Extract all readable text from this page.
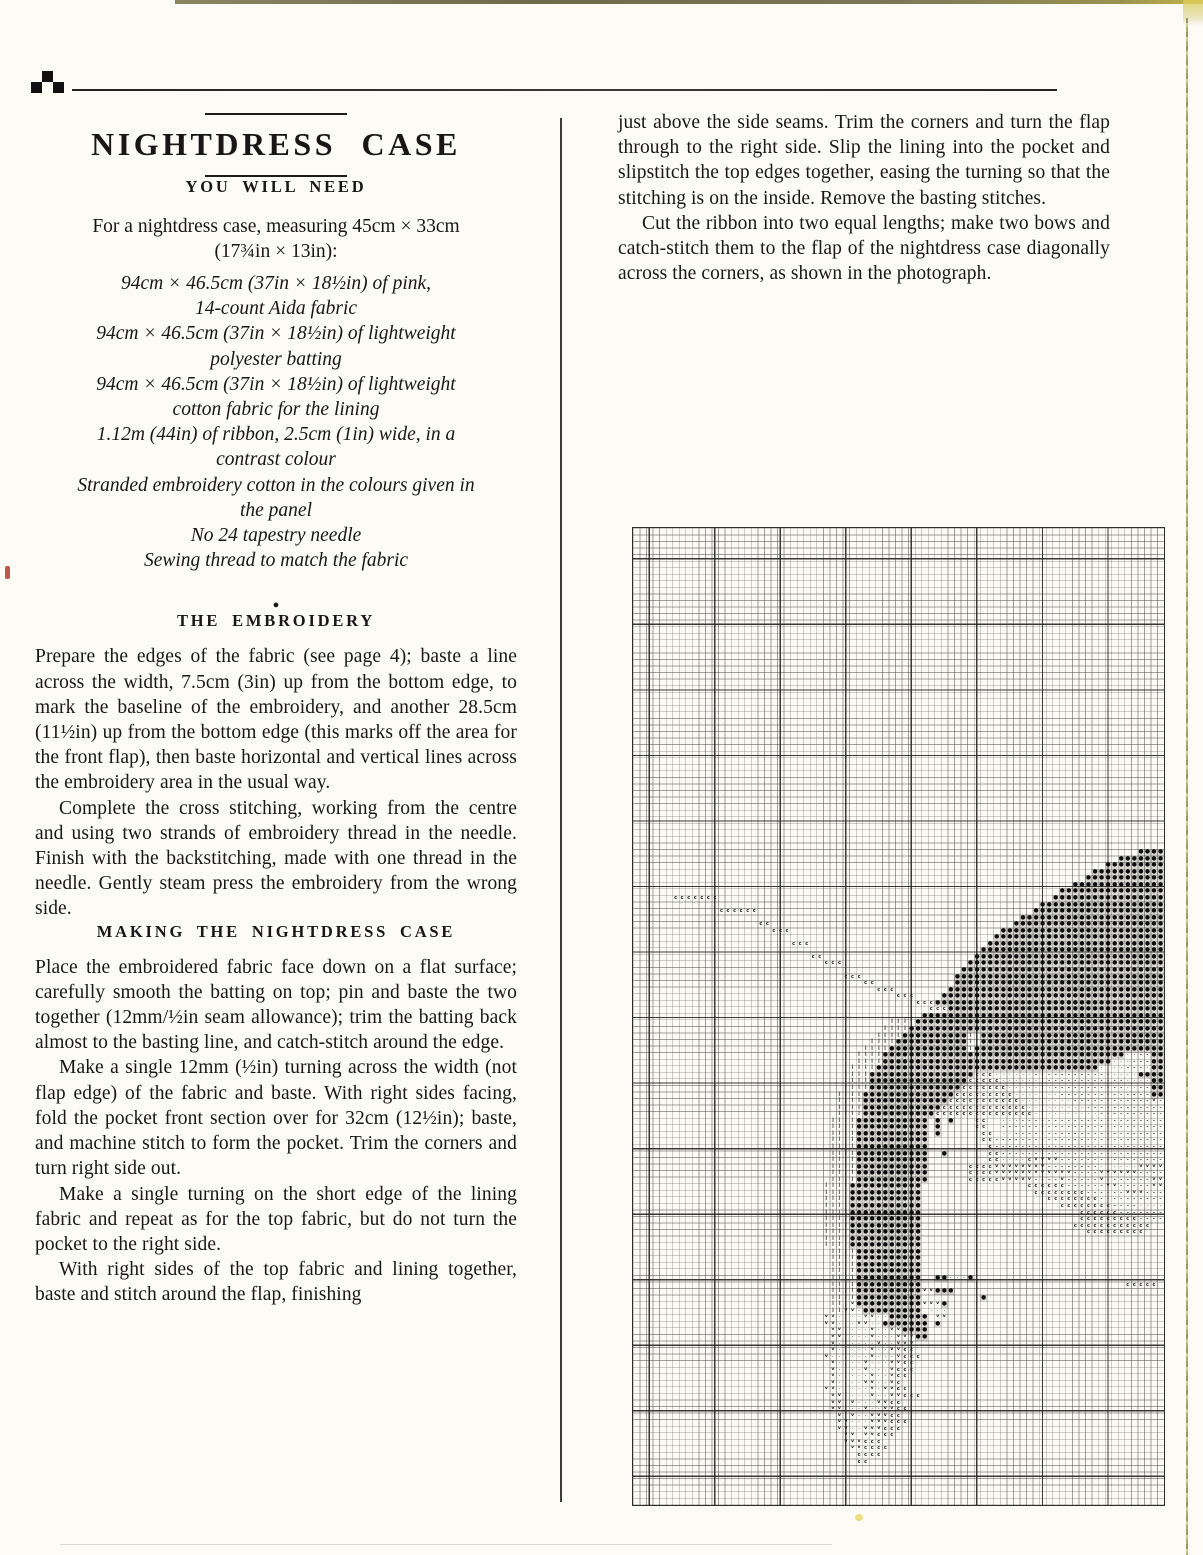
NIGHTDRESS CASE
YOU WILL NEED

For a nightdress case, measuring 45cm × 33cm
(17¾in × 13in):

94cm × 46.5cm (37in × 18½in) of pink,
14-count Aida fabric
94cm × 46.5cm (37in × 18½in) of lightweight
polyester batting
94cm × 46.5cm (37in × 18½in) of lightweight
cotton fabric for the lining
1.12m (44in) of ribbon, 2.5cm (1in) wide, in a
contrast colour
Stranded embroidery cotton in the colours given in
the panel
No 24 tapestry needle
Sewing thread to match the fabric
●
THE EMBROIDERY

Prepare the edges of the fabric (see page 4); baste a line across the width, 7.5cm (3in) up from the bottom edge, to mark the baseline of the embroidery, and another 28.5cm (11½in) up from the bottom edge (this marks off the area for the front flap), then baste horizontal and vertical lines across the embroidery area in the usual way.

Complete the cross stitching, working from the centre and using two strands of embroidery thread in the needle. Finish with the backstitching, made with one thread in the needle. Gently steam press the embroidery from the wrong side.

MAKING THE NIGHTDRESS CASE

Place the embroidered fabric face down on a flat surface; carefully smooth the batting on top; pin and baste the two together (12mm/½in seam allowance); trim the batting back almost to the basting line, and catch-stitch around the edge.

Make a single 12mm (½in) turning across the width (not flap edge) of the fabric and baste. With right sides facing, fold the pocket front section over for 32cm (12½in); baste, and machine stitch to form the pocket. Trim the corners and turn right side out.

Make a single turning on the short edge of the lining fabric and repeat as for the top fabric, but do not turn the pocket to the right side.

With right sides of the top fabric and lining together, baste and stitch around the flap, finishing

just above the side seams. Trim the corners and turn the flap through to the right side. Slip the lining into the pocket and slipstitch the top edges together, easing the turning so that the stitching is on the inside. Remove the basting stitches.

Cut the ribbon into two equal lengths; make two bows and catch-stitch them to the flap of the nightdress case diagonally across the corners, as shown in the photograph.

● ● ● ●
● ● ● ● ● ● ●
● ● ● ● ● ● ● ● ●
● ● ● ● ● ● ● ● ● ● ●
● ● ● ● ● ● ● ● ● ● ● ●
● ● ● ● ● ● ● ● ● ● ● ● ● ●
● ● ● ● ● ● ● ● ● ● ● ● ● ● ● ●
● ● ● ● ● ● ● ● ● ● ● ● ● ● ● ● ●
● ● ● ● ● ● ● ● ● ● ● ● ● ● ● ● ● ● ●
● ● ● ● ● ● ● ● ● ● ● ● ● ● ● ● ● ● ● ●
● ● ● ● ● ● ● ● ● ● ● ● ● ● ● ● ● ● ● ● ● ●
● ● ● ● ● ● ● ● ● ● ● ● ● ● ● ● ● ● ● ● ● ● ●
● ● ● ● ● ● ● ● ● ● ● ● ● ● ● ● ● ● ● ● ● ● ● ● ●
● ● ● ● ● ● ● ● ● ● ● ● ● ● ● ● ● ● ● ● ● ● ● ● ● ●
● ● ● ● ● ● ● ● ● ● ● ● ● ● ● ● ● ● ● ● ● ● ● ● ● ● ●
● ● ● ● ● ● ● ● ● ● ● ● ● ● ● ● ● ● ● ● ● ● ● ● ● ● ● ●
● ● ● ● ● ● ● ● ● ● ● ● ● ● ● ● ● ● ● ● ● ● ● ● ● ● ● ● ●
● ● ● ● ● ● ● ● ● ● ● ● ● ● ● ● ● ● ● ● ● ● ● ● ● ● ● ● ● ●
● ● ● ● ● ● ● ● ● ● ● ● ● ● ● ● ● ● ● ● ● ● ● ● ● ● ● ● ● ● ●
● ● ● ● ● ● ● ● ● ● ● ● ● ● ● ● ● ● ● ● ● ● ● ● ● ● ● ● ● ● ● ●
● ● ● ● ● ● ● ● ● ● ● ● ● ● ● ● ● ● ● ● ● ● ● ● ● ● ● ● ● ● ● ●
● ● ● ● ● ● ● ● ● ● ● ● ● ● ● ● ● ● ● ● ● ● ● ● ● ● ● ● ● ● ● ● ●
● ● ● ● ● ● ● ● ● ● ● ● ● ● ● ● ● ● ● ● ● ● ● ● ● ● ● ● ● ● ● ● ● ●
● ● ● ● ● ● ● ● ● ● ● ● ● ● ● ● ● ● ● ● ● ● ● ● ● ● ● ● ● ● ● ● ● ● ●
● ● ● ● ● ● ● ● ● ● ● ● ● ● ● ● ● ● ● ● ● ● ● ● ● ● ● ● ● ● ● ● ●
● ● ● ● ● ● ● ● ● ● ● ● ● ● ● ● ● ● ● ● ● ● ● ● ● ● ● ● ● ● ● ● ● ● ● ● ●
c c c c c c c
c c c c c c
c c
c c c
c c c
c c
c c c
c c c
c c
c c c
c c c
c c c
c c c
‖ ‖ ‖ ‖ ● ● ● ● ● ● ● ● ● ● ● ● ● ● ● ● ● ● ● ● ● ● ● ● ● ● ● ● ● ● ● ● ● ● ● ● ● ●
‖ ‖ ‖ ‖ ● ● ● ● ● ● ● ● ● ● ● ● ● ● ● ● ● ● ● ● ● ● ● ● ● ● ● ● ● ● ● ● ● ● ● ● ● ● ●
‖ ‖ ‖ ‖ ● ● ● ● ● ● ● ● ● ● ‖ ‖ ● ● ● ● ● ● ● ● ● ● ● ● ● ● ● ● ● ● ● ● ● ● ● ● ● ● ● ●
‖ ‖ ‖ ‖ ● ● ● ● ● ● ● ● ● ● ● ‖ ‖ ● ● ● ● ● ● ● ● ● ● ● ● ● ● ● ● ● ● ● ● ● ● ● ● ● ● ● ●
‖ ‖ ‖ ‖ ● ● ● ● ● ● ● ● ● ● ● ● ‖ ● ● ● ● ● ● ● ● ● ● ● ● ● ● ● ● ● ● ● ● ● ● ● ● ● ● ● ● ●
‖ ‖ ‖ ‖ ● ● ● ● ● ● ● ● ● ● ● ● ● ● ● ● ● ● ● ● ● ● ● ● ● ● ● ● ● ● ● ● ● ● ● ● ● · · - - ● ●
‖ ‖ ‖ ‖ ● ● ● ● ● ● ● ● ● ● ● ● ● ● ● ● ● ● ● ● ● ● ● ● ● ● ● ● ● ● ● ● ● ● ● · · · - - - ● ●
‖ ‖ ‖ ‖ ● ● ● ● ● ● ● ● ● ● ● ● ● ● ● ● ● ● ● ● ● ● ● ● ● ● ● ● ● ● ● ● ● ● · · · · - - - · ● ●
‖ ‖ ‖ ‖ ● ● ● ● ● ● ● ● ● ● ● ● ● ● ● ● c c c · · · · · · - - - - - - - - - - - - · · · · ● ● ● ●
‖ ‖ ‖ ‖ ● ● ● ● ● ● ● ● ● ● ● ● ● ● ● c c c c c · · · · · · · - - - - - - - - - - - - · · · · ● ●
‖ ‖ ‖ ‖ ● ● ● ● ● ● ● ● ● ● ● ● ● ● c c c c c c c · · · · · · · - - - - - - - - - - - · · - - ● ●
‖ ‖ ‖ ‖ ● ● ● ● ● ● ● ● ● ● ● ● ● ● c c c c c c c c c · · · · · · · - - - - - - - - - - - - - - ● ●
‖ ‖ ‖ ‖ ● ● ● ● ● ● ● ● ● ● ● ● ● c c c c c c c c c c c · · · · · · · · - - - - - - - - - - - - v -
‖ ‖ ‖ ‖ ● ● ● ● ● ● ● ● ● ● ● ● c c c c c c c c c c c c c · · · · · · · · · - - - - - - - - - - - -
‖ ‖ ‖ ‖ ● ● ● ● ● ● ● ● ● ● ● c c c c c c c c c c c c c c c · · · · · · · · · · - - - - - - - - - -
‖ ‖ ‖ ‖ ● ● ● ● ● ● ● ● ● ● ● ● ●	c c	· · · - - - - - - - - - - - - - - - - - - - - - -
‖ ‖ ‖ ‖ ● ● ● ● ● ● ● ● ● ● ● ●	c c	- - - - - - - - - - - - - - - - - - - - - - - - -
‖ ‖ ‖ ‖ ● ● ● ● ● ● ● ● ● ● ● ●	c c	· · - - - - - - - - - - - - - - - - - - - - - - -
‖ ‖ ‖ ‖ ● ● ● ● ● ● ● ● ● ● ●	c c - - - - - - - - - - - - - - - - - - - - - - - - - -
‖ ‖ ‖ ‖ ● ● ● ● ● ● ● ● ● ● ●	c - - - - - - - - - - - - - - - - - - - - - - - - - -
‖ ‖ ‖ ‖ ● ● ● ● ● ● ● ● ● ● ●	●	c c - - - - - - - - - - - - - - - - - - - - - - - - -
‖ ‖ ‖ ‖ ● ● ● ● ● ● ● ● ● ● ●	c c · · · · c v v v v - - - - - - - - - - - - - - - -
‖ ‖ ‖ ‖ ● ● ● ● ● ● ● ● ● ● ●	c c c c v v v v v v v v - - - - - - - - · · · · · · v v v v
‖ ‖ ‖ ‖ ● ● ● ● ● ● ● ● ● ● ●	c c c c v v v v v v v v v v v v - - - - v v v v v v - - - -
‖ ‖ ‖ ‖ ● ● ● ● ● ● ● ● ● ● ●	c c c c c v v v v v - - - - v - - - - - v - - - - - - - v v
‖ ‖ ‖ ‖ ● ● ● ● ● ● ● ● ● ● ●	c c c c c c - - - - - - v v - - - - - v v
‖ ‖ ‖ ‖ ● ● ● ● ● ● ● ● ● ● ●	c c c c c c c c - - - - - - v v v - - -
‖ ‖ ‖ ‖ ● ● ● ● ● ● ● ● ● ● ●	c c c c c c c c - - - - - - - - - -
‖ ‖ ‖ ‖ ● ● ● ● ● ● ● ● ● ● ●	c c c c c c c c - - - - · · · ·
‖ ‖ ‖ ‖ ● ● ● ● ● ● ● ● ● ● ●	c c c c c c - - - - - - -
‖ ‖ ‖ ‖ ● ● ● ● ● ● ● ● ● ● ●	c c c c c c c c c - - - -
‖ ‖ ‖ ‖ ● ● ● ● ● ● ● ● ● ● ●	c c c c c c c c c c c c
‖ ‖ ‖ ‖ ● ● ● ● ● ● ● ● ● ● ●	c c c c c c c c c
‖ ‖ ‖ ‖ ● ● ● ● ● ● ● ● ● ● ●
‖ ‖ ‖ ‖ ● ● ● ● ● ● ● ● ● ● ●
‖ ‖ ‖ ‖ ● ● ● ● ● ● ● ● ● ●
‖ ‖ ‖ ‖ ● ● ● ● ● ● ● ● ● ●
‖ ‖ ‖ ‖ ● ● ● ● ● ● ● ● ● ●
‖ ‖ ‖ ‖ ● ● ● ● ● ● ● ● ● ●
‖ ‖ ‖ ‖ ● ● ● ● ● ● ● ● ● ●	● ● · · · ●
‖ ‖ ‖ ‖ ● ● ● ● ● ● ● ● ● ●	c c c c c
‖ ‖ ‖ ‖ ● ● ● ● ● ● ● ● ● ● v v ● ● ●
‖ ‖ ‖ ‖ ● ● ● ● ● ● ● ● ● ●	●
‖ ‖ ‖ v ● ● ● ● ● ● ● ● ● ● v v v ●
‖ ‖ v v · ● ● ● ● ● ● ● ● ●	· · ·
v v · · · · v v · · ● ● ● ● ● ●	v v
v v · · · v v · · ● ● ● ● ● ● ● ●
v v · · · · v · · v v ● ● ● ●
v v · · · · v · · · v v v ● ●
v · · · · · · v · · v v v
v · · · · · v · · v v c c
v · · · · · · v · · · v c c c
v · · · · v · · · v v c c
v · · · · v · · · v c c c
v · · · · · v · · v c c
v · · · · v v · · v c
v v · · · · · v · v v c c
v v · · · · v · · v v c c c
v v	v · · · v v c c
v v · · · v · · v v c c
v	v · · v v v c c
v v · · · v v v c c c
v v · · v v v c c c
v v	v v c c c
v v v c c c
v v c c c c
c c c c
c c
